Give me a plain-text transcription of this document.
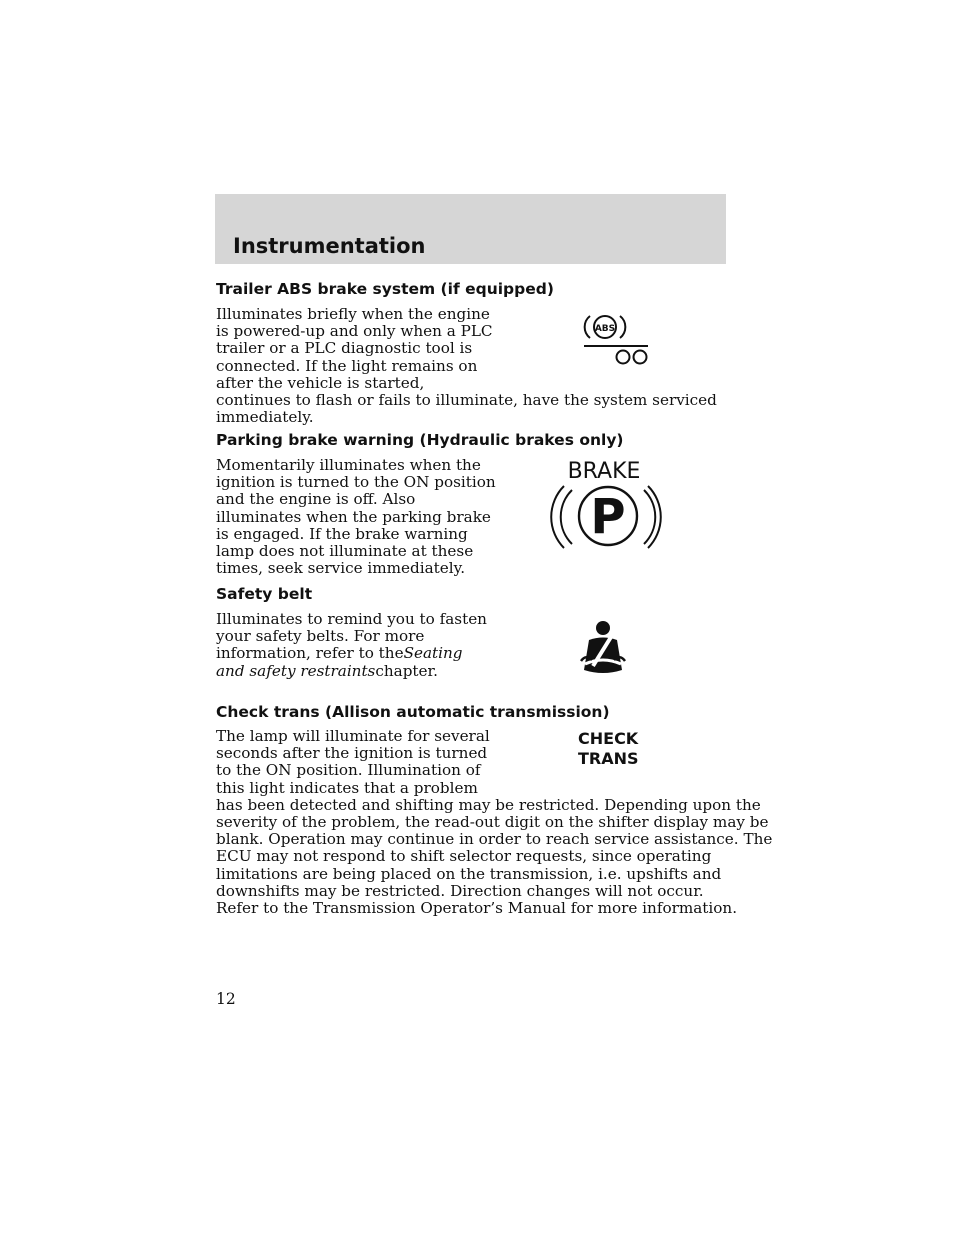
Instrumentation
Trailer ABS brake system (if equipped)

Illuminates briefly when the engine
is powered-up and only when a PLC
trailer or a PLC diagnostic tool is
connected. If the light remains on
after the vehicle is started,
continues to flash or fails to illuminate, have the system serviced
immediately.

ABS
Parking brake warning (Hydraulic brakes only)

Momentarily illuminates when the
ignition is turned to the ON position
and the engine is off. Also
illuminates when the parking brake
is engaged. If the brake warning
lamp does not illuminate at these
times, seek service immediately.

BRAKE
P
Safety belt

Illuminates to remind you to fasten
your safety belts. For more
information, refer to theSeating
and safety restraintschapter.

Check trans (Allison automatic transmission)

The lamp will illuminate for several
seconds after the ignition is turned
to the ON position. Illumination of
this light indicates that a problem
has been detected and shifting may be restricted. Depending upon the
severity of the problem, the read-out digit on the shifter display may be
blank. Operation may continue in order to reach service assistance. The
ECU may not respond to shift selector requests, since operating
limitations are being placed on the transmission, i.e. upshifts and
downshifts may be restricted. Direction changes will not occur.

CHECK
TRANS

Refer to the Transmission Operator’s Manual for more information.

12
